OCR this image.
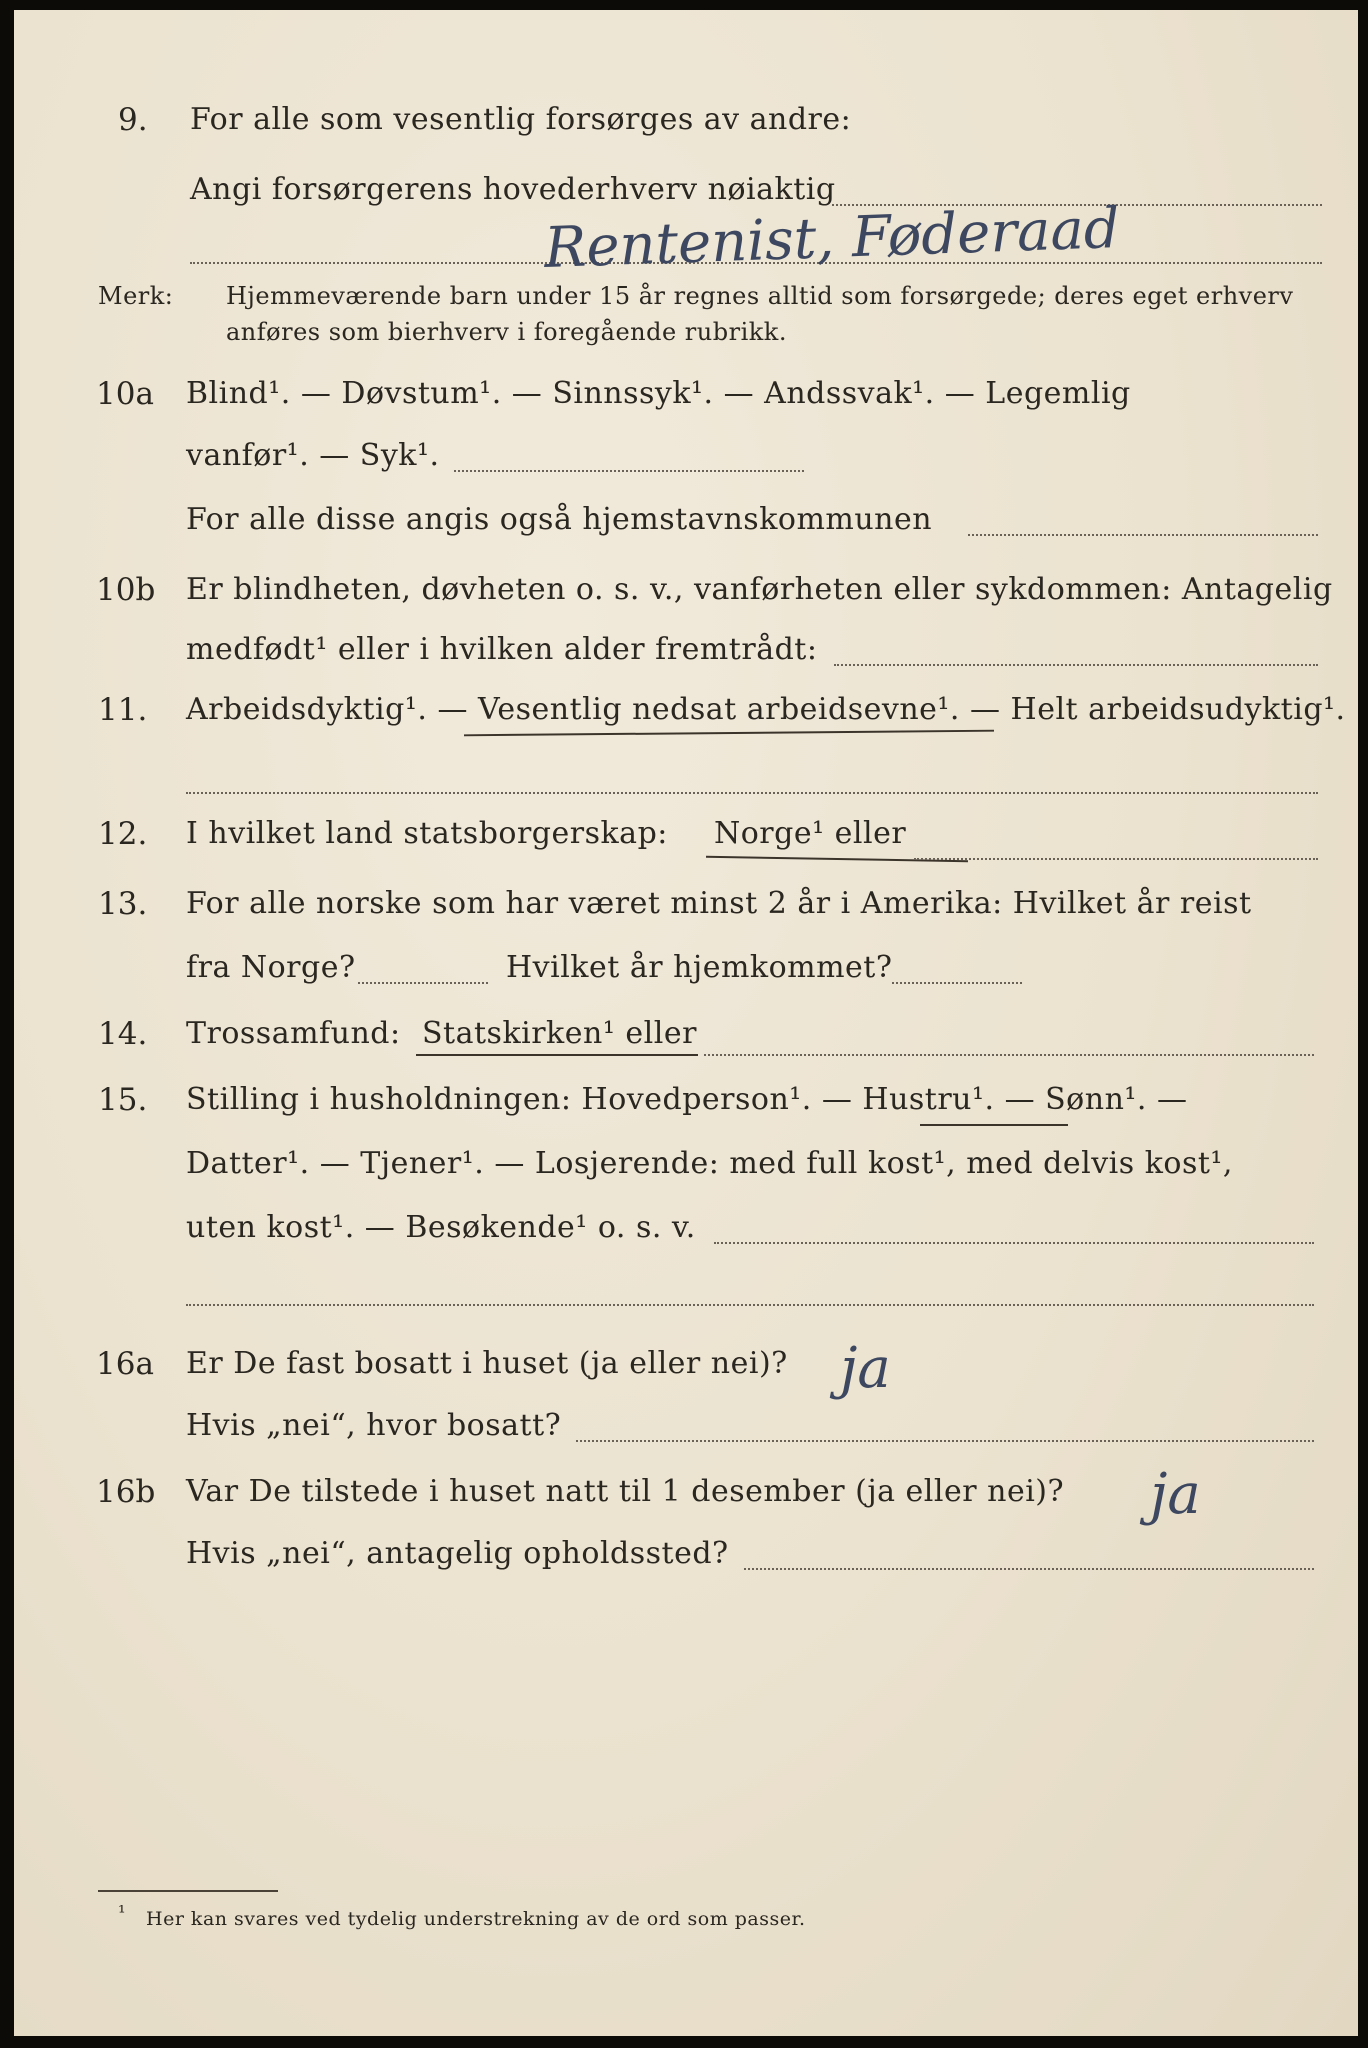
9. For alle som vesentlig forsørges av andre:
Angi forsørgerens hovederhverv nøiaktig
Rentenist, Føderaad
Merk: Hjemmeværende barn under 15 år regnes alltid som forsørgede; deres eget erhverv
anføres som bierhverv i foregående rubrikk.
10a Blind¹. — Døvstum¹. — Sinnssyk¹. — Andssvak¹. — Legemlig
vanfør¹. — Syk¹.
For alle disse angis også hjemstavnskommunen
10b Er blindheten, døvheten o. s. v., vanførheten eller sykdommen: Antagelig
medfødt¹ eller i hvilken alder fremtrådt:
11. Arbeidsdyktig¹. — Vesentlig nedsat arbeidsevne¹. — Helt arbeidsudyktig¹.
12. I hvilket land statsborgerskap: Norge¹ eller
13. For alle norske som har været minst 2 år i Amerika: Hvilket år reist
fra Norge?	Hvilket år hjemkommet?
14. Trossamfund: Statskirken¹ eller
15. Stilling i husholdningen: Hovedperson¹. — Hustru¹. — Sønn¹. —
Datter¹. — Tjener¹. — Losjerende: med full kost¹, med delvis kost¹,
uten kost¹. — Besøkende¹ o. s. v.
16a Er De fast bosatt i huset (ja eller nei)? ja
Hvis „nei“, hvor bosatt?
16b Var De tilstede i huset natt til 1 desember (ja eller nei)? ja
Hvis „nei“, antagelig opholdssted?
¹ Her kan svares ved tydelig understrekning av de ord som passer.
